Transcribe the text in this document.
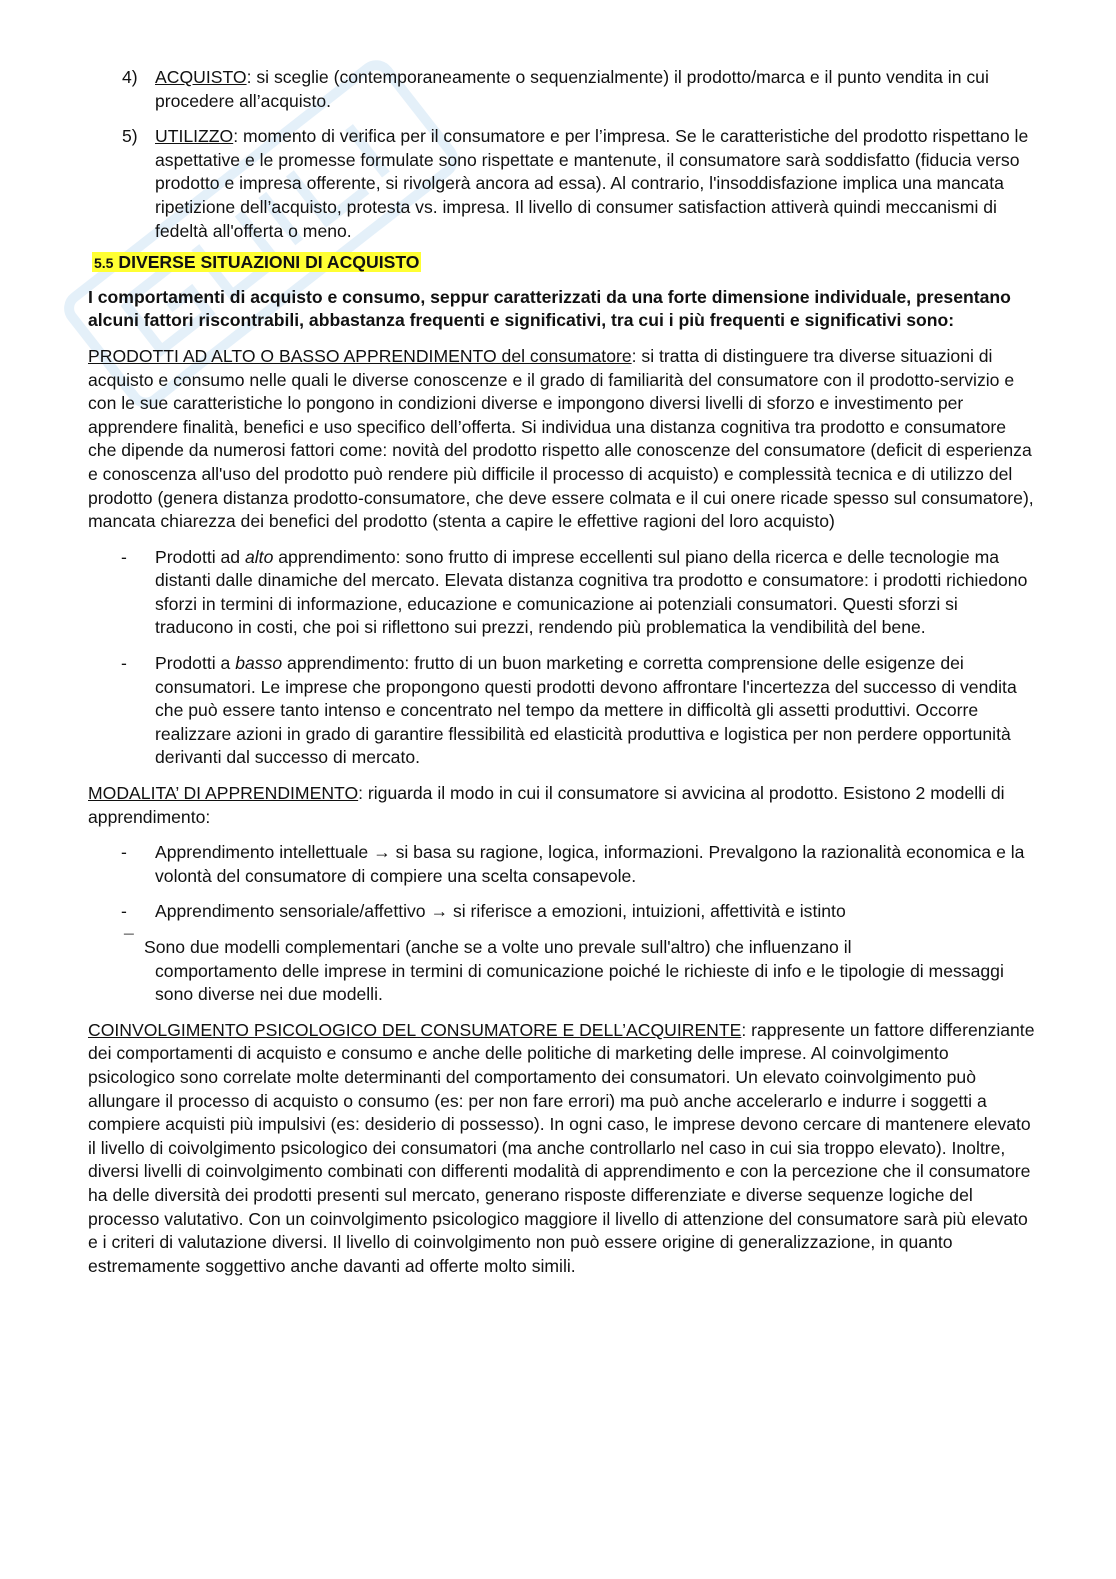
4) ACQUISTO: si sceglie (contemporaneamente o sequenzialmente) il prodotto/marca e il punto vendita in cui procedere all’acquisto.
5) UTILIZZO: momento di verifica per il consumatore e per l’impresa. Se le caratteristiche del prodotto rispettano le aspettative e le promesse formulate sono rispettate e mantenute, il consumatore sarà soddisfatto (fiducia verso prodotto e impresa offerente, si rivolgerà ancora ad essa). Al contrario, l'insoddisfazione implica una mancata ripetizione dell’acquisto, protesta vs. impresa. Il livello di consumer satisfaction attiverà quindi meccanismi di fedeltà all'offerta o meno.
5.5 DIVERSE SITUAZIONI DI ACQUISTO
I comportamenti di acquisto e consumo, seppur caratterizzati da una forte dimensione individuale, presentano alcuni fattori riscontrabili, abbastanza frequenti e significativi, tra cui i più frequenti e significativi sono:
PRODOTTI AD ALTO O BASSO APPRENDIMENTO del consumatore: si tratta di distinguere tra diverse situazioni di acquisto e consumo nelle quali le diverse conoscenze e il grado di familiarità del consumatore con il prodotto-servizio e con le sue caratteristiche lo pongono in condizioni diverse e impongono diversi livelli di sforzo e investimento per apprendere finalità, benefici e uso specifico dell’offerta. Si individua una distanza cognitiva tra prodotto e consumatore che dipende da numerosi fattori come: novità del prodotto rispetto alle conoscenze del consumatore (deficit di esperienza e conoscenza all'uso del prodotto può rendere più difficile il processo di acquisto) e complessità tecnica e di utilizzo del prodotto (genera distanza prodotto-consumatore, che deve essere colmata e il cui onere ricade spesso sul consumatore), mancata chiarezza dei benefici del prodotto (stenta a capire le effettive ragioni del loro acquisto)
- Prodotti ad alto apprendimento: sono frutto di imprese eccellenti sul piano della ricerca e delle tecnologie ma distanti dalle dinamiche del mercato. Elevata distanza cognitiva tra prodotto e consumatore: i prodotti richiedono sforzi in termini di informazione, educazione e comunicazione ai potenziali consumatori. Questi sforzi si traducono in costi, che poi si riflettono sui prezzi, rendendo più problematica la vendibilità del bene.
- Prodotti a basso apprendimento: frutto di un buon marketing e corretta comprensione delle esigenze dei consumatori. Le imprese che propongono questi prodotti devono affrontare l'incertezza del successo di vendita che può essere tanto intenso e concentrato nel tempo da mettere in difficoltà gli assetti produttivi. Occorre realizzare azioni in grado di garantire flessibilità ed elasticità produttiva e logistica per non perdere opportunità derivanti dal successo di mercato.
MODALITA’ DI APPRENDIMENTO: riguarda il modo in cui il consumatore si avvicina al prodotto. Esistono 2 modelli di apprendimento:
- Apprendimento intellettuale → si basa su ragione, logica, informazioni. Prevalgono la razionalità economica e la volontà del consumatore di compiere una scelta consapevole.
- Apprendimento sensoriale/affettivo → si riferisce a emozioni, intuizioni, affettività e istinto
¯ Sono due modelli complementari (anche se a volte uno prevale sull'altro) che influenzano il
comportamento delle imprese in termini di comunicazione poiché le richieste di info e le tipologie di messaggi sono diverse nei due modelli.
COINVOLGIMENTO PSICOLOGICO DEL CONSUMATORE E DELL’ACQUIRENTE: rappresente un fattore differenziante dei comportamenti di acquisto e consumo e anche delle politiche di marketing delle imprese. Al coinvolgimento psicologico sono correlate molte determinanti del comportamento dei consumatori. Un elevato coinvolgimento può allungare il processo di acquisto o consumo (es: per non fare errori) ma può anche accelerarlo e indurre i soggetti a compiere acquisti più impulsivi (es: desiderio di possesso). In ogni caso, le imprese devono cercare di mantenere elevato il livello di coivolgimento psicologico dei consumatori (ma anche controllarlo nel caso in cui sia troppo elevato). Inoltre, diversi livelli di coinvolgimento combinati con differenti modalità di apprendimento e con la percezione che il consumatore ha delle diversità dei prodotti presenti sul mercato, generano risposte differenziate e diverse sequenze logiche del processo valutativo. Con un coinvolgimento psicologico maggiore il livello di attenzione del consumatore sarà più elevato e i criteri di valutazione diversi. Il livello di coinvolgimento non può essere origine di generalizzazione, in quanto estremamente soggettivo anche davanti ad offerte molto simili.
